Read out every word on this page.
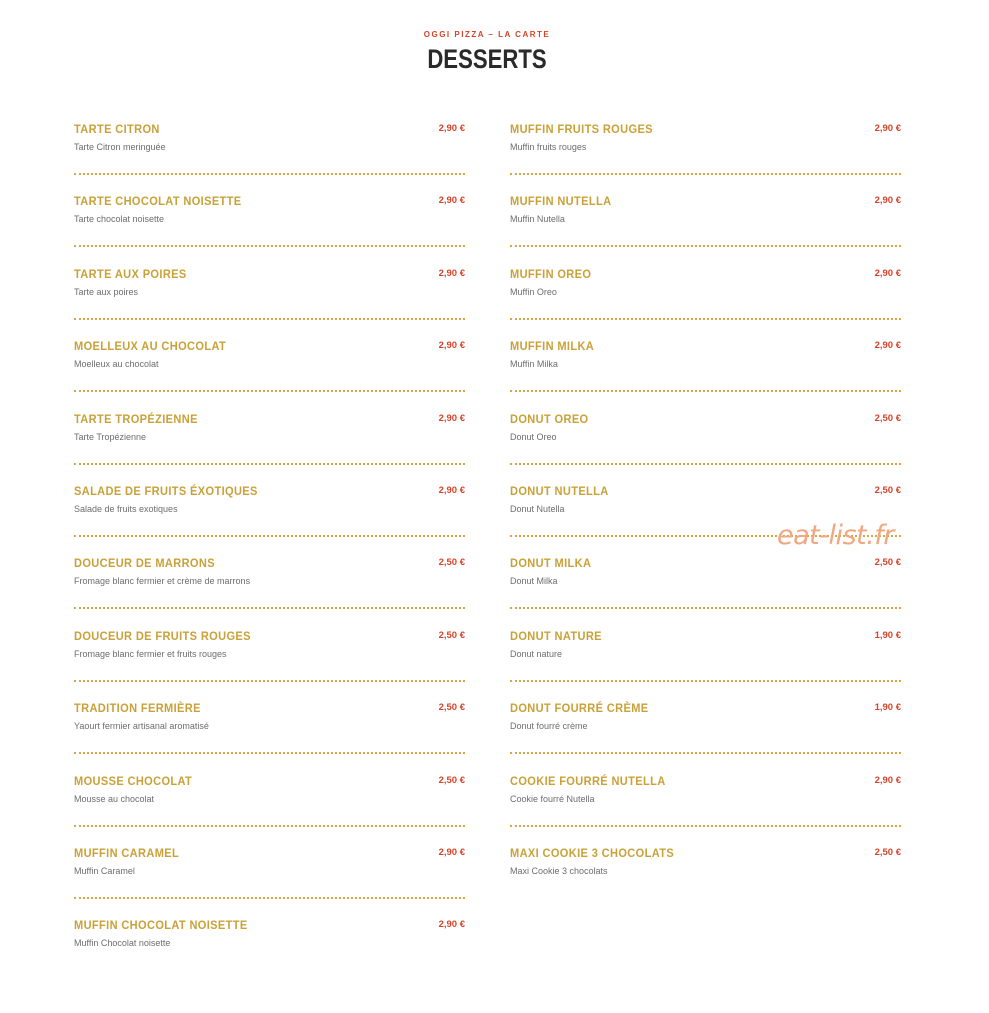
OGGI PIZZA – LA CARTE
DESSERTS
TARTE CITRON	2,90 €
Tarte Citron meringuée
TARTE CHOCOLAT NOISETTE	2,90 €
Tarte chocolat noisette
TARTE AUX POIRES	2,90 €
Tarte aux poires
MOELLEUX AU CHOCOLAT	2,90 €
Moelleux au chocolat
TARTE TROPÉZIENNE	2,90 €
Tarte Tropézienne
SALADE DE FRUITS ÉXOTIQUES	2,90 €
Salade de fruits exotiques
DOUCEUR DE MARRONS	2,50 €
Fromage blanc fermier et crème de marrons
DOUCEUR DE FRUITS ROUGES	2,50 €
Fromage blanc fermier et fruits rouges
TRADITION FERMIÈRE	2,50 €
Yaourt fermier artisanal aromatisé
MOUSSE CHOCOLAT	2,50 €
Mousse au chocolat
MUFFIN CARAMEL	2,90 €
Muffin Caramel
MUFFIN CHOCOLAT NOISETTE	2,90 €
Muffin Chocolat noisette
MUFFIN FRUITS ROUGES	2,90 €
Muffin fruits rouges
MUFFIN NUTELLA	2,90 €
Muffin Nutella
MUFFIN OREO	2,90 €
Muffin Oreo
MUFFIN MILKA	2,90 €
Muffin Milka
DONUT OREO	2,50 €
Donut Oreo
DONUT NUTELLA	2,50 €
Donut Nutella
DONUT MILKA	2,50 €
Donut Milka
DONUT NATURE	1,90 €
Donut nature
DONUT FOURRÉ CRÈME	1,90 €
Donut fourré crème
COOKIE FOURRÉ NUTELLA	2,90 €
Cookie fourré Nutella
MAXI COOKIE 3 CHOCOLATS	2,50 €
Maxi Cookie 3 chocolats
eat-list.fr
